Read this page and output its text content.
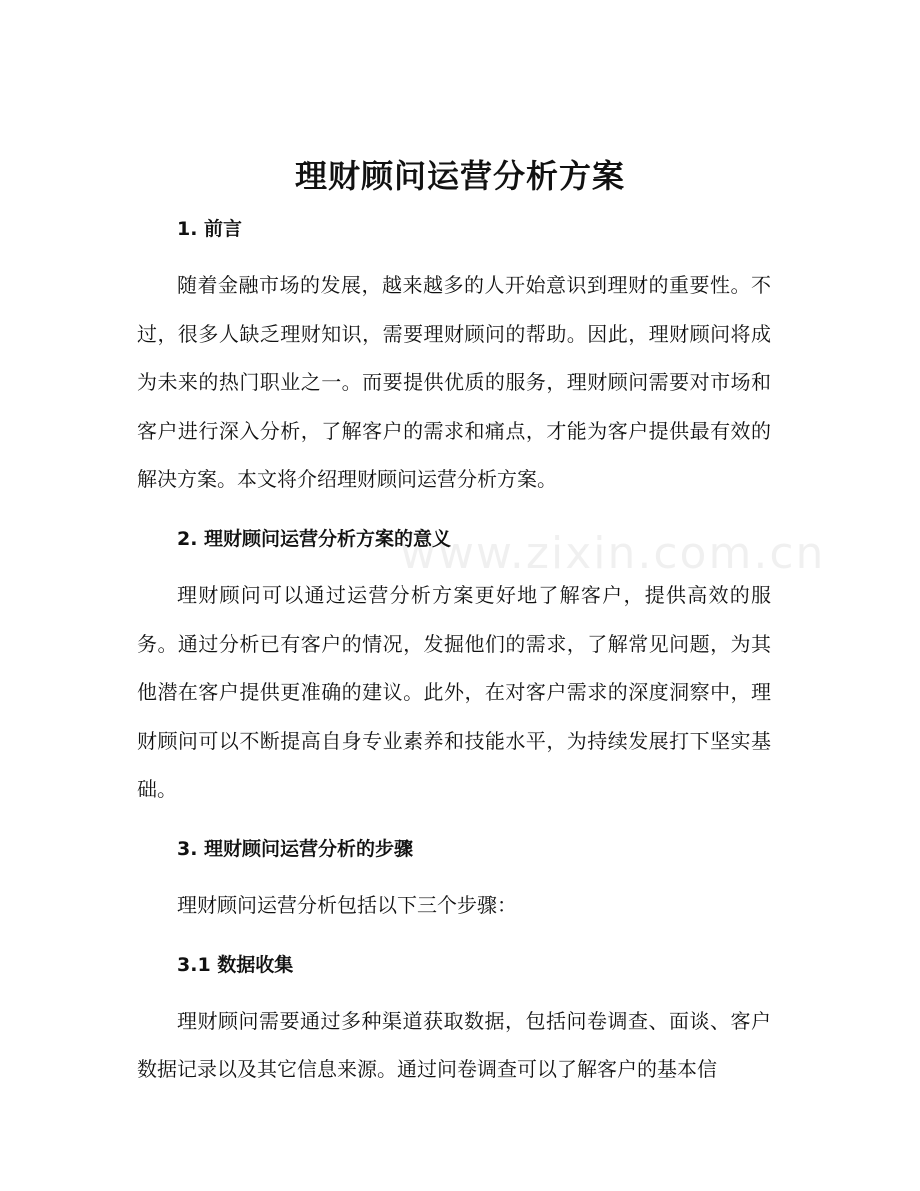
www.zixin.com.cn
理财顾问运营分析方案
1. 前言

随着金融市场的发展，越来越多的人开始意识到理财的重要性。不过，很多人缺乏理财知识，需要理财顾问的帮助。因此，理财顾问将成为未来的热门职业之一。而要提供优质的服务，理财顾问需要对市场和客户进行深入分析，了解客户的需求和痛点，才能为客户提供最有效的解决方案。本文将介绍理财顾问运营分析方案。

2. 理财顾问运营分析方案的意义

理财顾问可以通过运营分析方案更好地了解客户，提供高效的服务。通过分析已有客户的情况，发掘他们的需求，了解常见问题，为其他潜在客户提供更准确的建议。此外，在对客户需求的深度洞察中，理财顾问可以不断提高自身专业素养和技能水平，为持续发展打下坚实基础。

3. 理财顾问运营分析的步骤

理财顾问运营分析包括以下三个步骤：

3.1 数据收集

理财顾问需要通过多种渠道获取数据，包括问卷调查、面谈、客户数据记录以及其它信息来源。通过问卷调查可以了解客户的基本信
